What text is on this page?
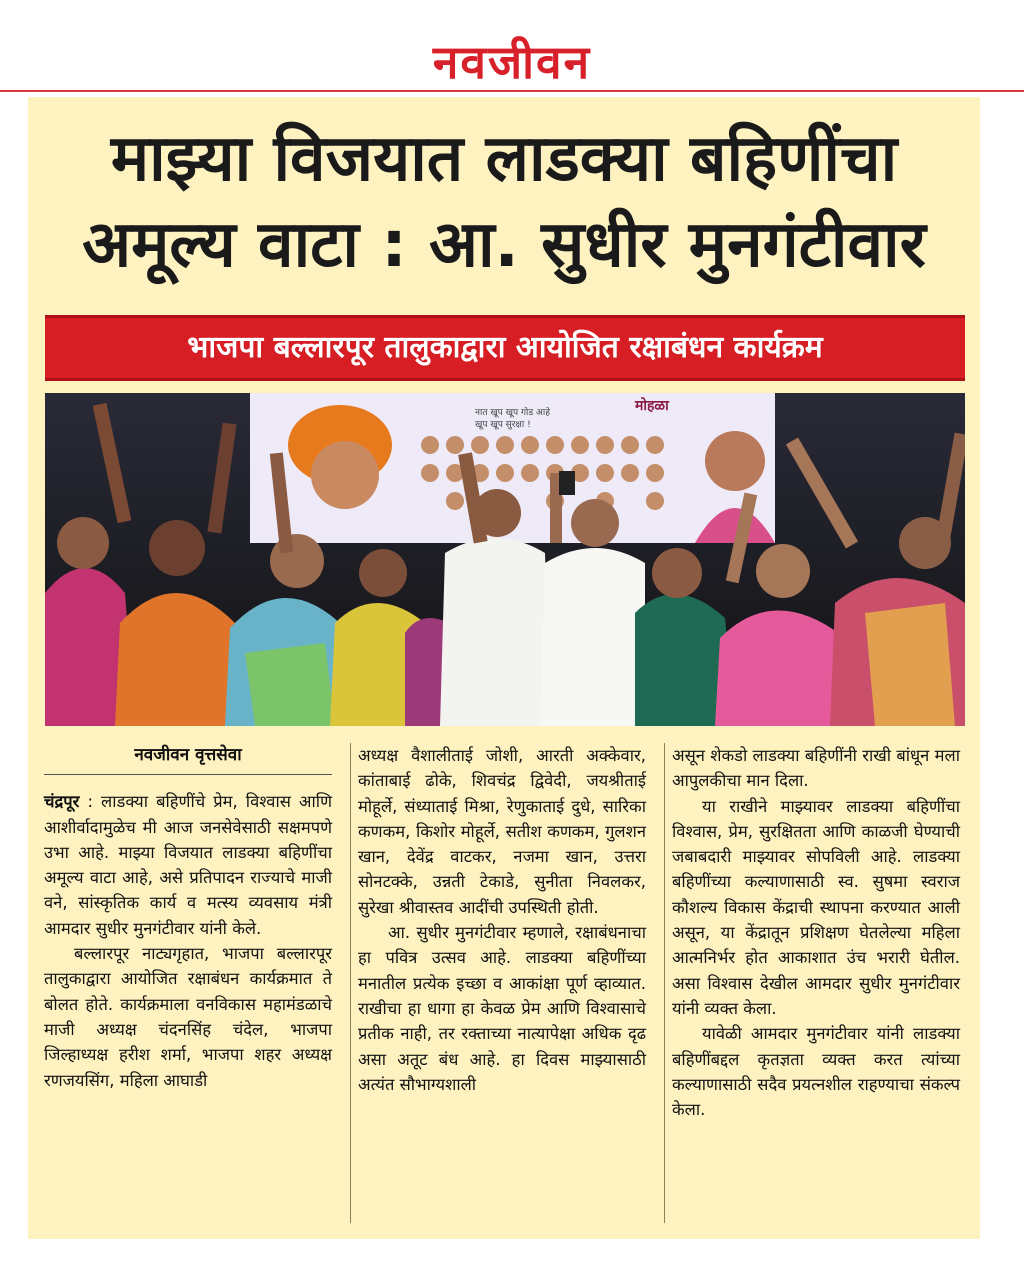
नवजीवन
माझ्या विजयात लाडक्या बहिणींचा
अमूल्य वाटा : आ. सुधीर मुनगंटीवार
भाजपा बल्लारपूर तालुकाद्वारा आयोजित रक्षाबंधन कार्यक्रम
मोहळा
नात खूप खूप गोड आहे
खूप खूप सुरक्षा !
नवजीवन वृत्तसेवा

चंद्रपूर : लाडक्या बहिणींचे प्रेम, विश्वास आणि आशीर्वादामुळेच मी आज जनसेवेसाठी सक्षमपणे उभा आहे. माझ्या विजयात लाडक्या बहिणींचा अमूल्य वाटा आहे, असे प्रतिपादन राज्याचे माजी वने, सांस्कृतिक कार्य व मत्स्य व्यवसाय मंत्री आमदार सुधीर मुनगंटीवार यांनी केले.

बल्लारपूर नाट्यगृहात, भाजपा बल्लारपूर तालुकाद्वारा आयोजित रक्षाबंधन कार्यक्रमात ते बोलत होते. कार्यक्रमाला वनविकास महामंडळाचे माजी अध्यक्ष चंदनसिंह चंदेल, भाजपा जिल्हाध्यक्ष हरीश शर्मा, भाजपा शहर अध्यक्ष रणजयसिंग, महिला आघाडी

अध्यक्ष वैशालीताई जोशी, आरती अक्केवार, कांताबाई ढोके, शिवचंद्र द्विवेदी, जयश्रीताई मोहूर्ले, संध्याताई मिश्रा, रेणुकाताई दुधे, सारिका कणकम, किशोर मोहूर्ले, सतीश कणकम, गुलशन खान, देवेंद्र वाटकर, नजमा खान, उत्तरा सोनटक्के, उन्नती टेकाडे, सुनीता निवलकर, सुरेखा श्रीवास्तव आदींची उपस्थिती होती.

आ. सुधीर मुनगंटीवार म्हणाले, रक्षाबंधनाचा हा पवित्र उत्सव आहे. लाडक्या बहिणींच्या मनातील प्रत्येक इच्छा व आकांक्षा पूर्ण व्हाव्यात. राखीचा हा धागा हा केवळ प्रेम आणि विश्वासाचे प्रतीक नाही, तर रक्ताच्या नात्यापेक्षा अधिक दृढ असा अतूट बंध आहे. हा दिवस माझ्यासाठी अत्यंत सौभाग्यशाली

असून शेकडो लाडक्या बहिणींनी राखी बांधून मला आपुलकीचा मान दिला.

या राखीने माझ्यावर लाडक्या बहिणींचा विश्वास, प्रेम, सुरक्षितता आणि काळजी घेण्याची जबाबदारी माझ्यावर सोपविली आहे. लाडक्या बहिणींच्या कल्याणासाठी स्व. सुषमा स्वराज कौशल्य विकास केंद्राची स्थापना करण्यात आली असून, या केंद्रातून प्रशिक्षण घेतलेल्या महिला आत्मनिर्भर होत आकाशात उंच भरारी घेतील. असा विश्वास देखील आमदार सुधीर मुनगंटीवार यांनी व्यक्त केला.

यावेळी आमदार मुनगंटीवार यांनी लाडक्या बहिणींबद्दल कृतज्ञता व्यक्त करत त्यांच्या कल्याणासाठी सदैव प्रयत्नशील राहण्याचा संकल्प केला.
